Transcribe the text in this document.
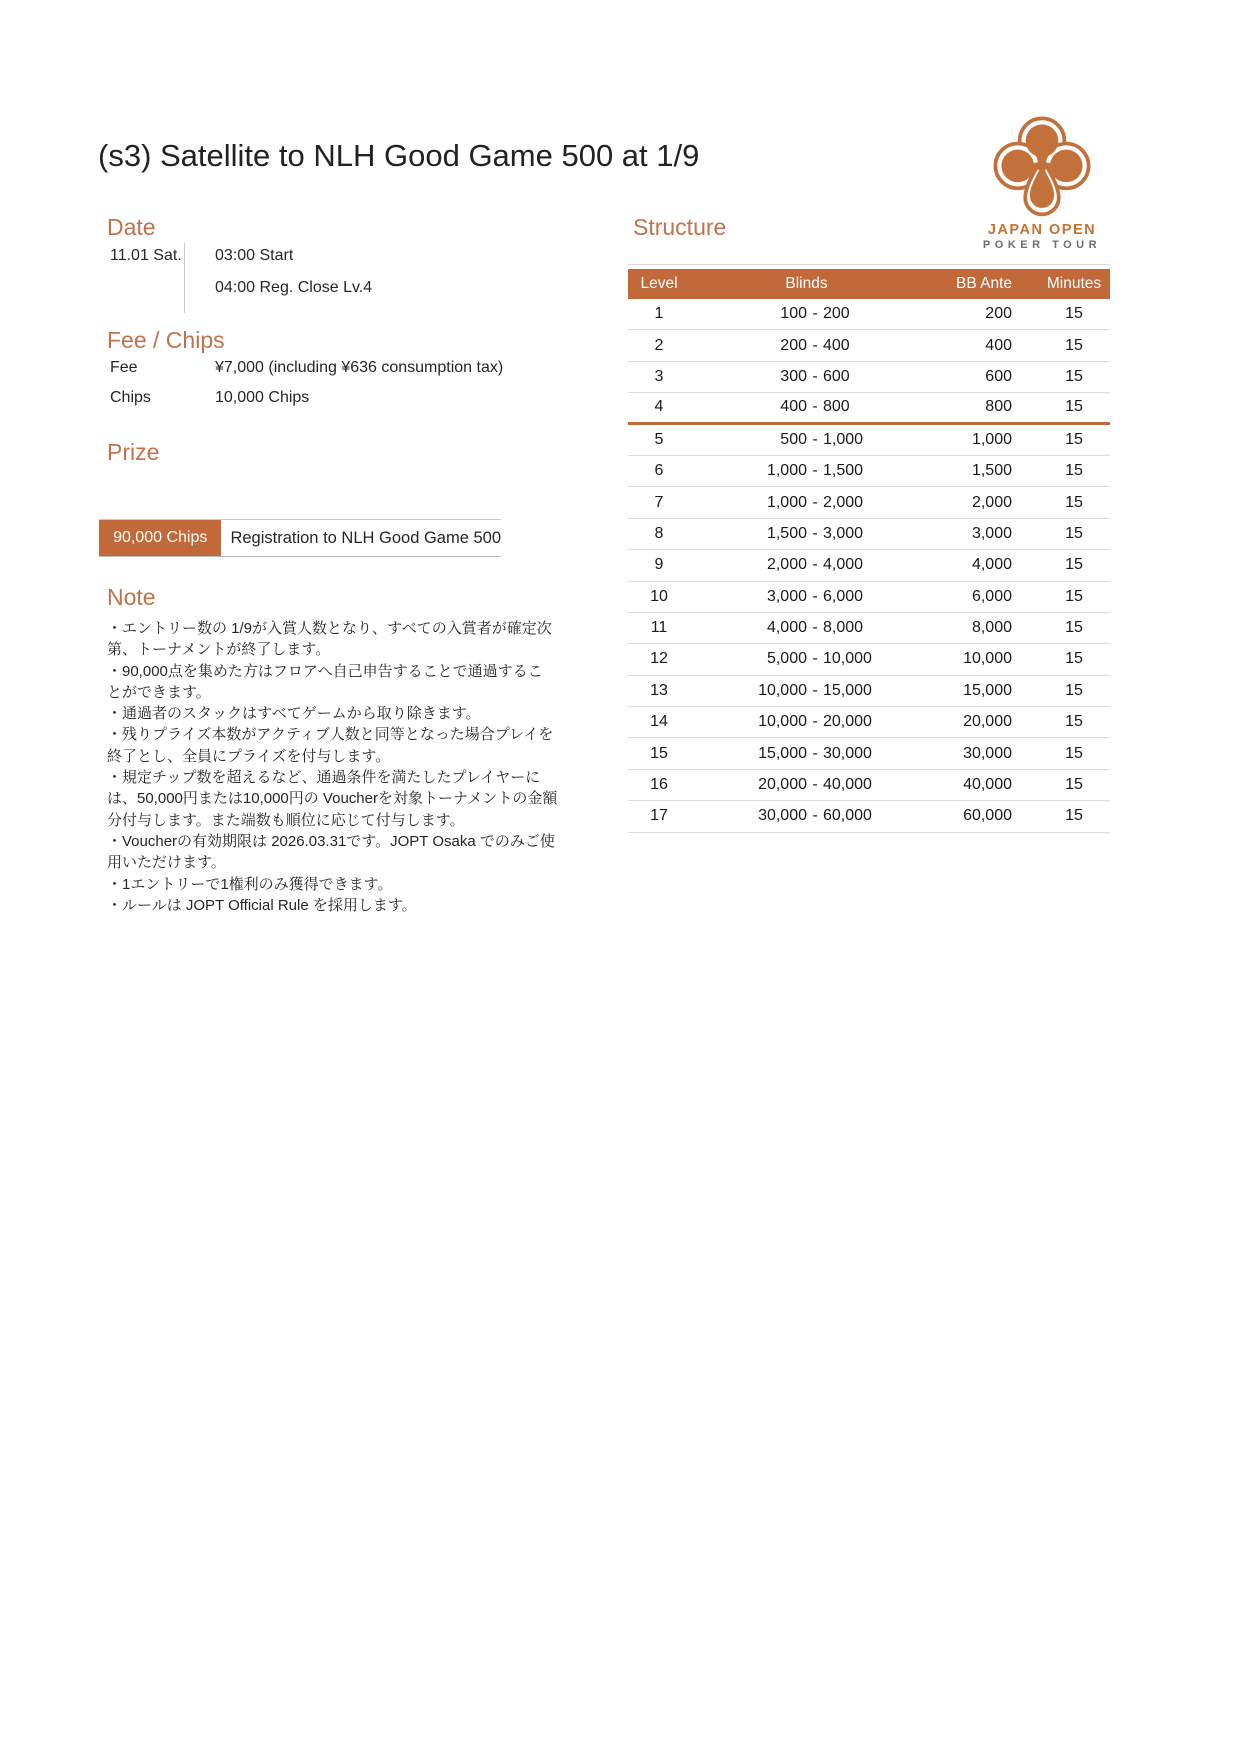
(s3) Satellite to NLH Good Game 500 at 1/9
JAPAN OPEN
POKER TOUR
Date
11.01 Sat. 03:00 Start
04:00 Reg. Close Lv.4
Fee / Chips
Fee	¥7,000 (including ¥636 consumption tax)
Chips	10,000 Chips
Prize
90,000 Chips	Registration to NLH Good Game 500
Note
・エントリー数の 1/9が入賞人数となり、すべての入賞者が確定次
第、トーナメントが終了します。
・90,000点を集めた方はフロアへ自己申告することで通過するこ
とができます。
・通過者のスタックはすべてゲームから取り除きます。
・残りプライズ本数がアクティブ人数と同等となった場合プレイを
終了とし、全員にプライズを付与します。
・規定チップ数を超えるなど、通過条件を満たしたプレイヤーに
は、50,000円または10,000円の Voucherを対象トーナメントの金額
分付与します。また端数も順位に応じて付与します。
・Voucherの有効期限は 2026.03.31です。JOPT Osaka でのみご使
用いただけます。
・1エントリーで1権利のみ獲得できます。
・ルールは JOPT Official Rule を採用します。
Structure
Level	Blinds	BB Ante	Minutes
1	100 - 200	200	15
2	200 - 400	400	15
3	300 - 600	600	15
4	400 - 800	800	15
5	500 - 1,000	1,000	15
6	1,000 - 1,500	1,500	15
7	1,000 - 2,000	2,000	15
8	1,500 - 3,000	3,000	15
9	2,000 - 4,000	4,000	15
10	3,000 - 6,000	6,000	15
11	4,000 - 8,000	8,000	15
12	5,000 - 10,000	10,000	15
13	10,000 - 15,000	15,000	15
14	10,000 - 20,000	20,000	15
15	15,000 - 30,000	30,000	15
16	20,000 - 40,000	40,000	15
17	30,000 - 60,000	60,000	15
